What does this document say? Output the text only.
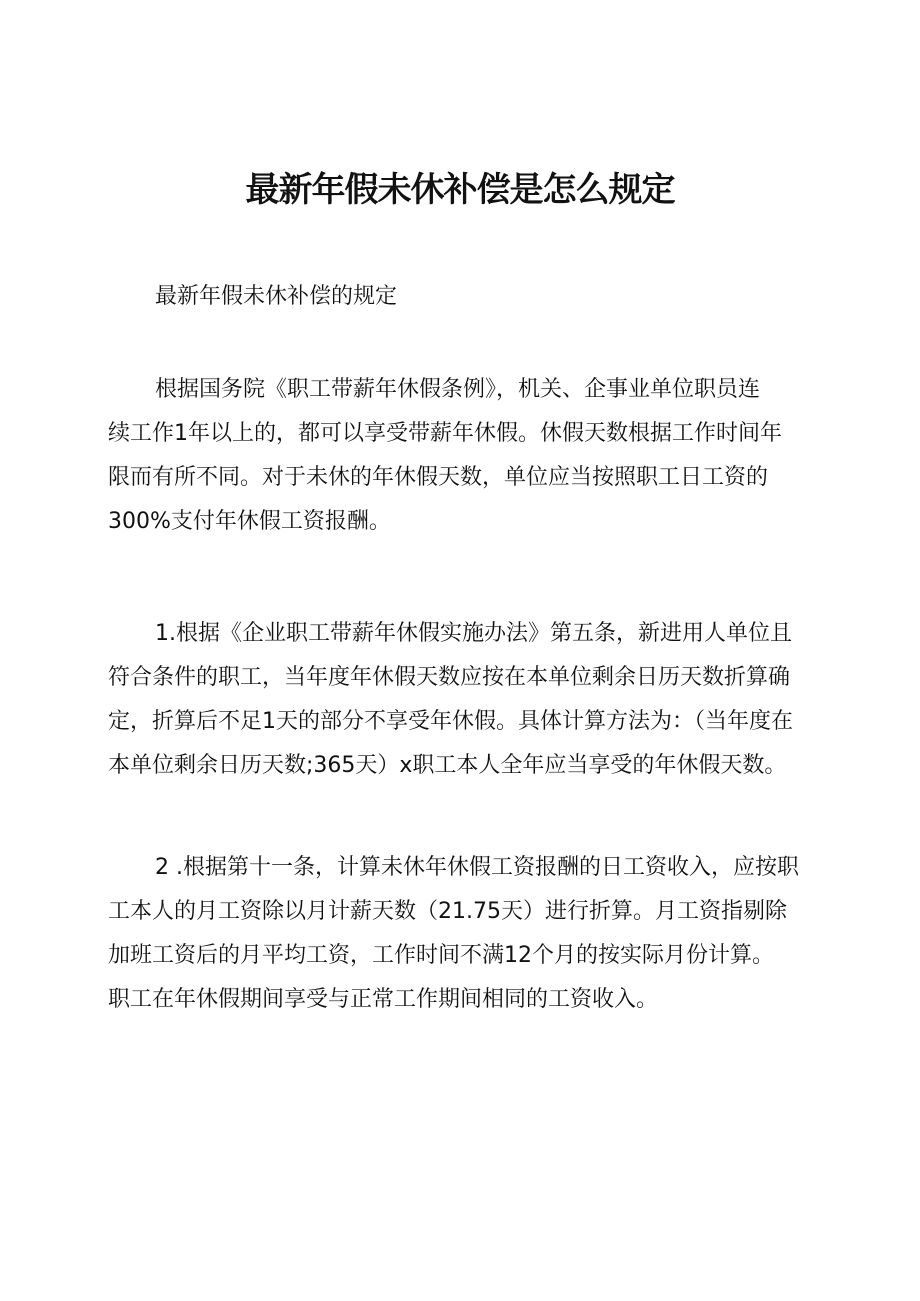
最新年假未休补偿是怎么规定
最新年假未休补偿的规定
根据国务院《职工带薪年休假条例》，机关、企事业单位职员连
续工作1年以上的，都可以享受带薪年休假。休假天数根据工作时间年
限而有所不同。对于未休的年休假天数，单位应当按照职工日工资的
300%支付年休假工资报酬。
1.根据《企业职工带薪年休假实施办法》第五条，新进用人单位且
符合条件的职工，当年度年休假天数应按在本单位剩余日历天数折算确
定，折算后不足1天的部分不享受年休假。具体计算方法为：（当年度在
本单位剩余日历天数;365天）x职工本人全年应当享受的年休假天数。
2 .根据第十一条，计算未休年休假工资报酬的日工资收入，应按职
工本人的月工资除以月计薪天数（21.75天）进行折算。月工资指剔除
加班工资后的月平均工资，工作时间不满12个月的按实际月份计算。
职工在年休假期间享受与正常工作期间相同的工资收入。
